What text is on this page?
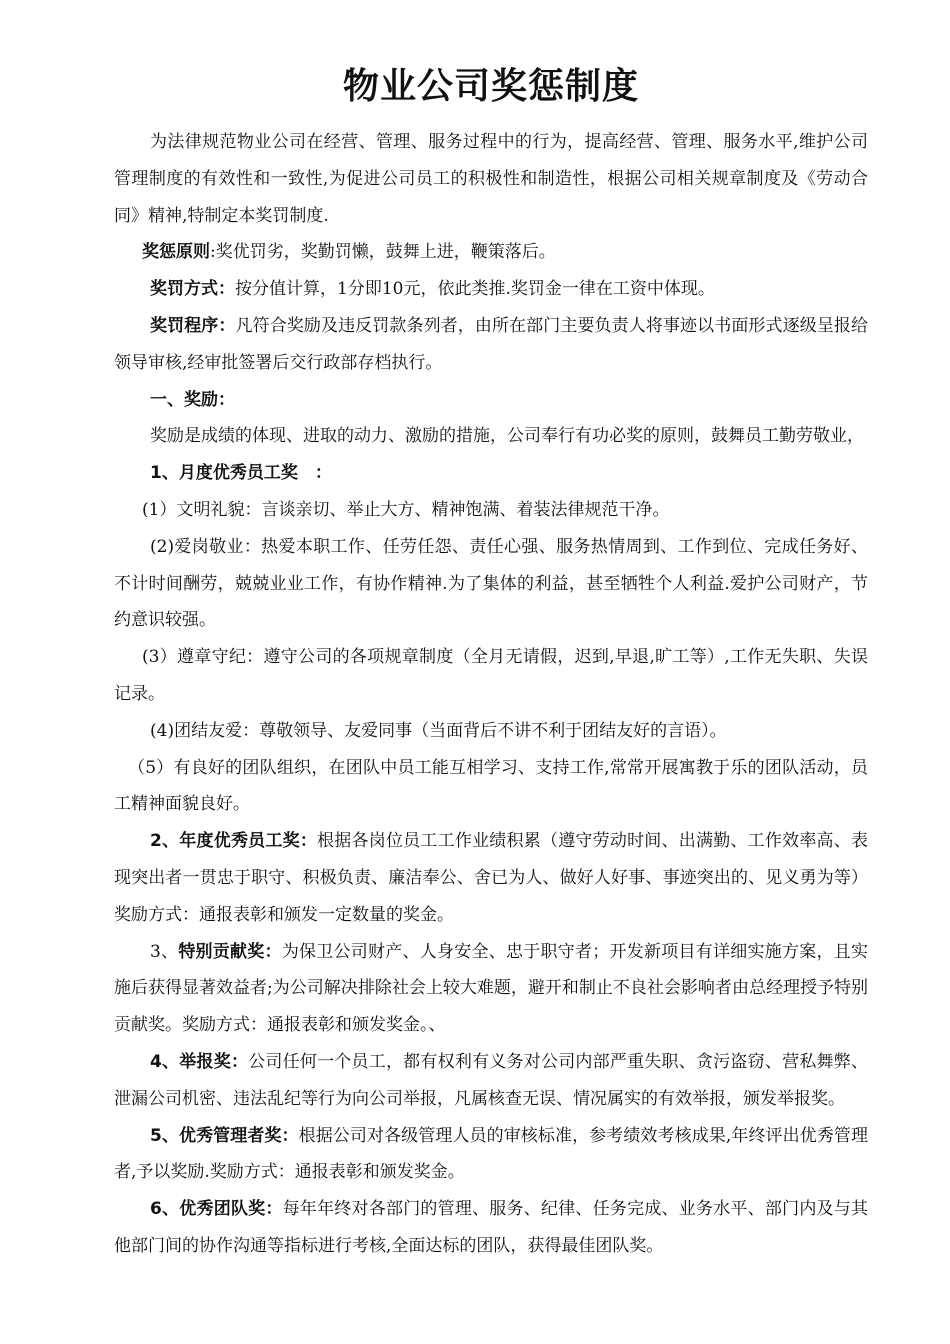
物业公司奖惩制度

为法律规范物业公司在经营、管理、服务过程中的行为，提高经营、管理、服务水平,维护公司管理制度的有效性和一致性,为促进公司员工的积极性和制造性，根据公司相关规章制度及《劳动合同》精神,特制定本奖罚制度.

奖惩原则:奖优罚劣，奖勤罚懒，鼓舞上进，鞭策落后。

奖罚方式：按分值计算，1分即10元，依此类推.奖罚金一律在工资中体现。

奖罚程序：凡符合奖励及违反罚款条列者，由所在部门主要负责人将事迹以书面形式逐级呈报给领导审核,经审批签署后交行政部存档执行。

一、奖励：

奖励是成绩的体现、进取的动力、激励的措施，公司奉行有功必奖的原则，鼓舞员工勤劳敬业，

1、月度优秀员工奖　：

(1）文明礼貌：言谈亲切、举止大方、精神饱满、着装法律规范干净。

(2)爱岗敬业：热爱本职工作、任劳任怨、责任心强、服务热情周到、工作到位、完成任务好、不计时间酬劳，兢兢业业工作，有协作精神.为了集体的利益，甚至牺牲个人利益.爱护公司财产，节约意识较强。

(3）遵章守纪：遵守公司的各项规章制度（全月无请假，迟到,早退,旷工等）,工作无失职、失误记录。

(4)团结友爱：尊敬领导、友爱同事（当面背后不讲不利于团结友好的言语）。

（5）有良好的团队组织，在团队中员工能互相学习、支持工作,常常开展寓教于乐的团队活动，员工精神面貌良好。

2、年度优秀员工奖：根据各岗位员工工作业绩积累（遵守劳动时间、出满勤、工作效率高、表现突出者一贯忠于职守、积极负责、廉洁奉公、舍已为人、做好人好事、事迹突出的、见义勇为等）奖励方式：通报表彰和颁发一定数量的奖金。

3、特别贡献奖：为保卫公司财产、人身安全、忠于职守者；开发新项目有详细实施方案，且实施后获得显著效益者;为公司解决排除社会上较大难题，避开和制止不良社会影响者由总经理授予特别贡献奖。奖励方式：通报表彰和颁发奖金。、

4、举报奖：公司任何一个员工，都有权利有义务对公司内部严重失职、贪污盗窃、营私舞弊、泄漏公司机密、违法乱纪等行为向公司举报，凡属核查无误、情况属实的有效举报，颁发举报奖。

5、优秀管理者奖：根据公司对各级管理人员的审核标准，参考绩效考核成果,年终评出优秀管理者,予以奖励.奖励方式：通报表彰和颁发奖金。

6、优秀团队奖：每年年终对各部门的管理、服务、纪律、任务完成、业务水平、部门内及与其他部门间的协作沟通等指标进行考核,全面达标的团队，获得最佳团队奖。
